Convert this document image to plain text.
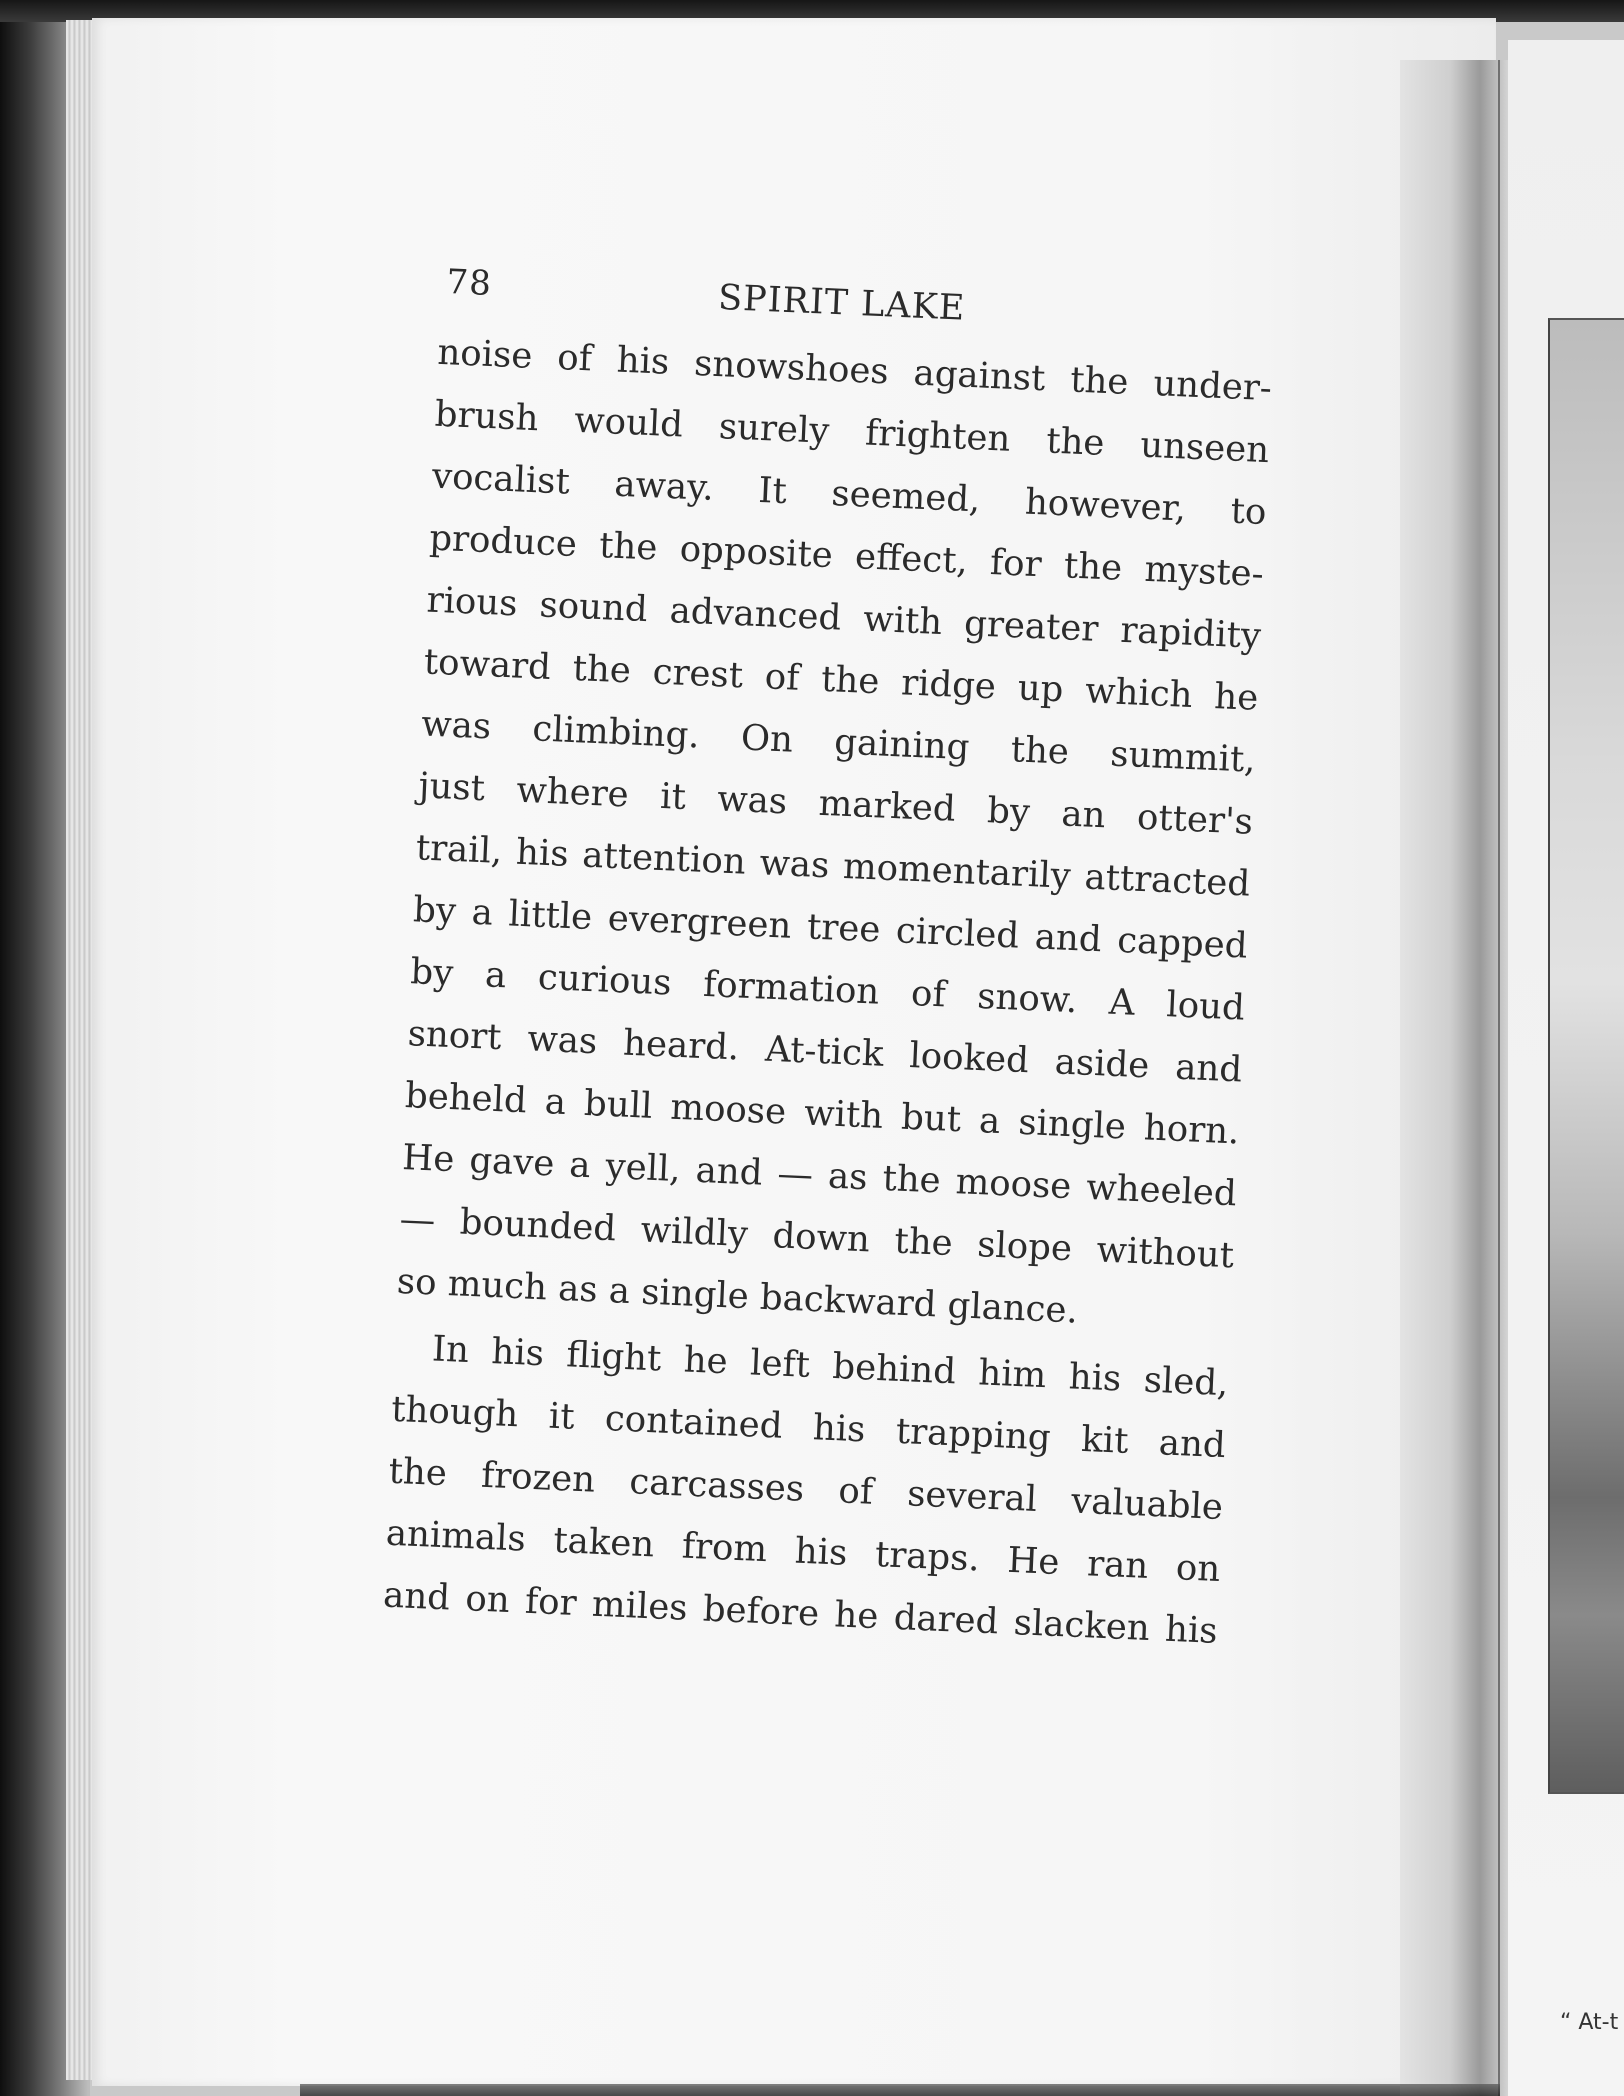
“ At-t
78	SPIRIT LAKE
noise of his snowshoes against the under-
brush would surely frighten the unseen
vocalist away. It seemed, however, to
produce the opposite effect, for the myste-
rious sound advanced with greater rapidity
toward the crest of the ridge up which he
was climbing. On gaining the summit,
just where it was marked by an otter's
trail, his attention was momentarily attracted
by a little evergreen tree circled and capped
by a curious formation of snow. A loud
snort was heard. At-tick looked aside and
beheld a bull moose with but a single horn.
He gave a yell, and — as the moose wheeled
— bounded wildly down the slope without
so much as a single backward glance.
In his flight he left behind him his sled,
though it contained his trapping kit and
the frozen carcasses of several valuable
animals taken from his traps. He ran on
and on for miles before he dared slacken his
